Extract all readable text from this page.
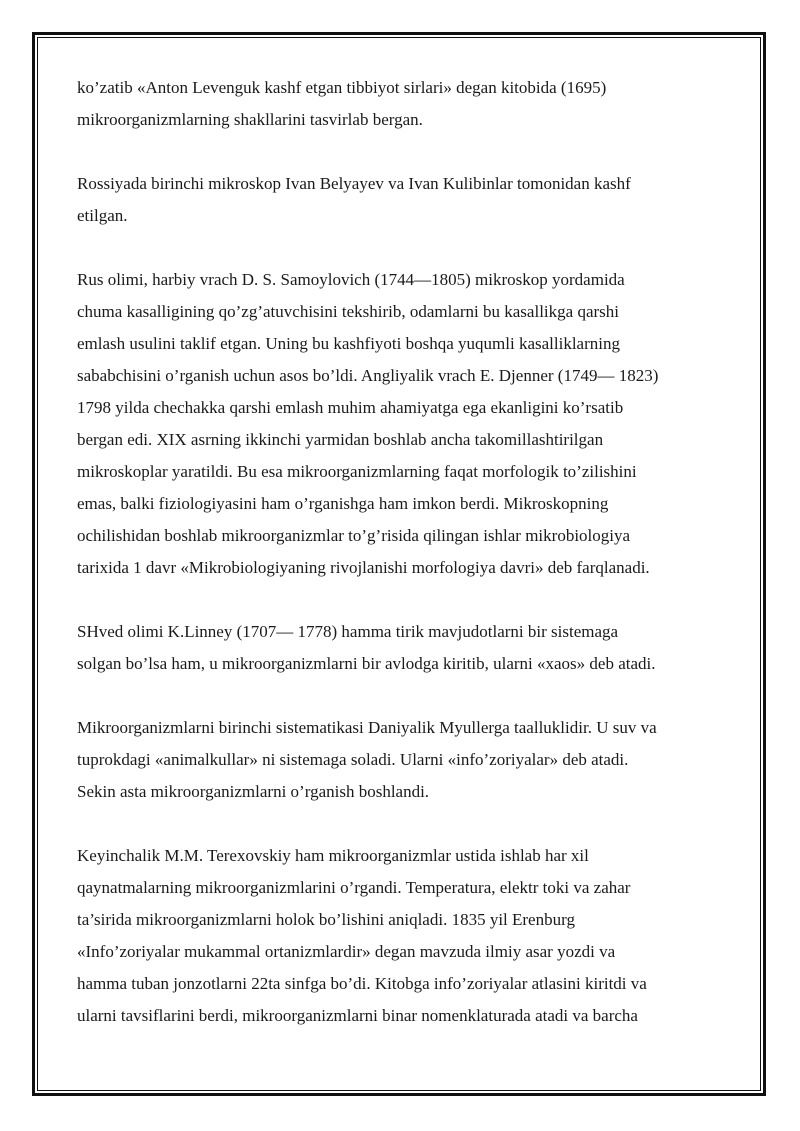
ko’zatib «Anton Levenguk kashf etgan tibbiyot sirlari» degan kitobida (1695)
mikroorganizmlarning shakllarini tasvirlab bergan.

Rossiyada birinchi mikroskop Ivan Belyayev va Ivan Kulibinlar tomonidan kashf
etilgan.

Rus olimi, harbiy vrach D. S. Samoylovich (1744—1805) mikroskop yordamida
chuma kasalligining qo’zg’atuvchisini tekshirib, odamlarni bu kasallikga qarshi
emlash usulini taklif etgan. Uning bu kashfiyoti boshqa yuqumli kasalliklarning
sababchisini o’rganish uchun asos bo’ldi. Angliyalik vrach E. Djenner (1749— 1823)
1798 yilda chechakka qarshi emlash muhim ahamiyatga ega ekanligini ko’rsatib
bergan edi. XIX asrning ikkinchi yarmidan boshlab ancha takomillashtirilgan
mikroskoplar yaratildi. Bu esa mikroorganizmlarning faqat morfologik to’zilishini
emas, balki fiziologiyasini ham o’rganishga ham imkon berdi. Mikroskopning
ochilishidan boshlab mikroorganizmlar to’g’risida qilingan ishlar mikrobiologiya
tarixida 1 davr «Mikrobiologiyaning rivojlanishi morfologiya davri» deb farqlanadi.

SHved olimi K.Linney (1707— 1778) hamma tirik mavjudotlarni bir sistemaga
solgan bo’lsa ham, u mikroorganizmlarni bir avlodga kiritib, ularni «xaos» deb atadi.

Mikroorganizmlarni birinchi sistematikasi Daniyalik Myullerga taalluklidir. U suv va
tuprokdagi «animalkullar» ni sistemaga soladi. Ularni «info’zoriyalar» deb atadi.
Sekin asta mikroorganizmlarni o’rganish boshlandi.

Keyinchalik M.M. Terexovskiy ham mikroorganizmlar ustida ishlab har xil
qaynatmalarning mikroorganizmlarini o’rgandi. Temperatura, elektr toki va zahar
ta’sirida mikroorganizmlarni holok bo’lishini aniqladi. 1835 yil Erenburg
«Info’zoriyalar mukammal ortanizmlardir» degan mavzuda ilmiy asar yozdi va
hamma tuban jonzotlarni 22ta sinfga bo’di. Kitobga info’zoriyalar atlasini kiritdi va
ularni tavsiflarini berdi, mikroorganizmlarni binar nomenklaturada atadi va barcha
